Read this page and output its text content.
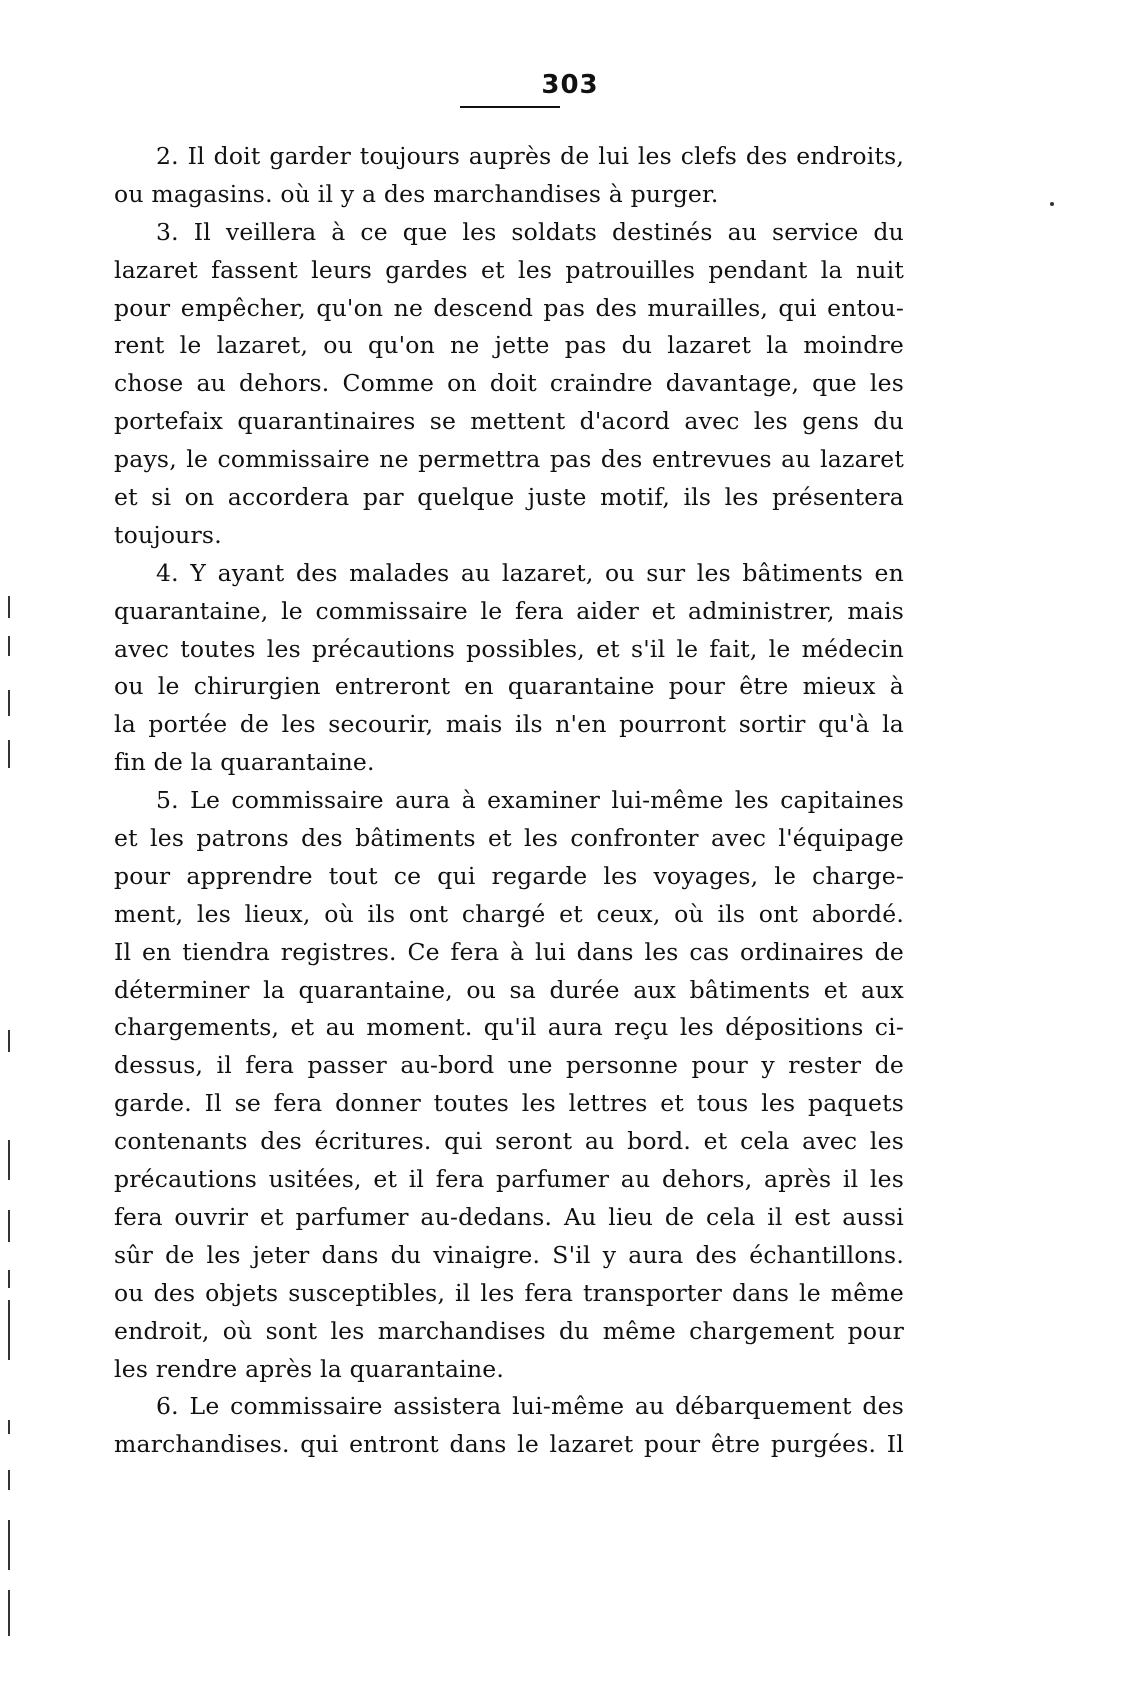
303
2. Il doit garder toujours auprès de lui les clefs des endroits,
ou magasins. où il y a des marchandises à purger.
3. Il veillera à ce que les soldats destinés au service du
lazaret fassent leurs gardes et les patrouilles pendant la nuit
pour empêcher, qu'on ne descend pas des murailles, qui entou-
rent le lazaret, ou qu'on ne jette pas du lazaret la moindre
chose au dehors. Comme on doit craindre davantage, que les
portefaix quarantinaires se mettent d'acord avec les gens du
pays, le commissaire ne permettra pas des entrevues au lazaret
et si on accordera par quelque juste motif, ils les présentera
toujours.
4. Y ayant des malades au lazaret, ou sur les bâtiments en
quarantaine, le commissaire le fera aider et administrer, mais
avec toutes les précautions possibles, et s'il le fait, le médecin
ou le chirurgien entreront en quarantaine pour être mieux à
la portée de les secourir, mais ils n'en pourront sortir qu'à la
fin de la quarantaine.
5. Le commissaire aura à examiner lui-même les capitaines
et les patrons des bâtiments et les confronter avec l'équipage
pour apprendre tout ce qui regarde les voyages, le charge-
ment, les lieux, où ils ont chargé et ceux, où ils ont abordé.
Il en tiendra registres. Ce fera à lui dans les cas ordinaires de
déterminer la quarantaine, ou sa durée aux bâtiments et aux
chargements, et au moment. qu'il aura reçu les dépositions ci-
dessus, il fera passer au-bord une personne pour y rester de
garde. Il se fera donner toutes les lettres et tous les paquets
contenants des écritures. qui seront au bord. et cela avec les
précautions usitées, et il fera parfumer au dehors, après il les
fera ouvrir et parfumer au-dedans. Au lieu de cela il est aussi
sûr de les jeter dans du vinaigre. S'il y aura des échantillons.
ou des objets susceptibles, il les fera transporter dans le même
endroit, où sont les marchandises du même chargement pour
les rendre après la quarantaine.
6. Le commissaire assistera lui-même au débarquement des
marchandises. qui entront dans le lazaret pour être purgées. Il
